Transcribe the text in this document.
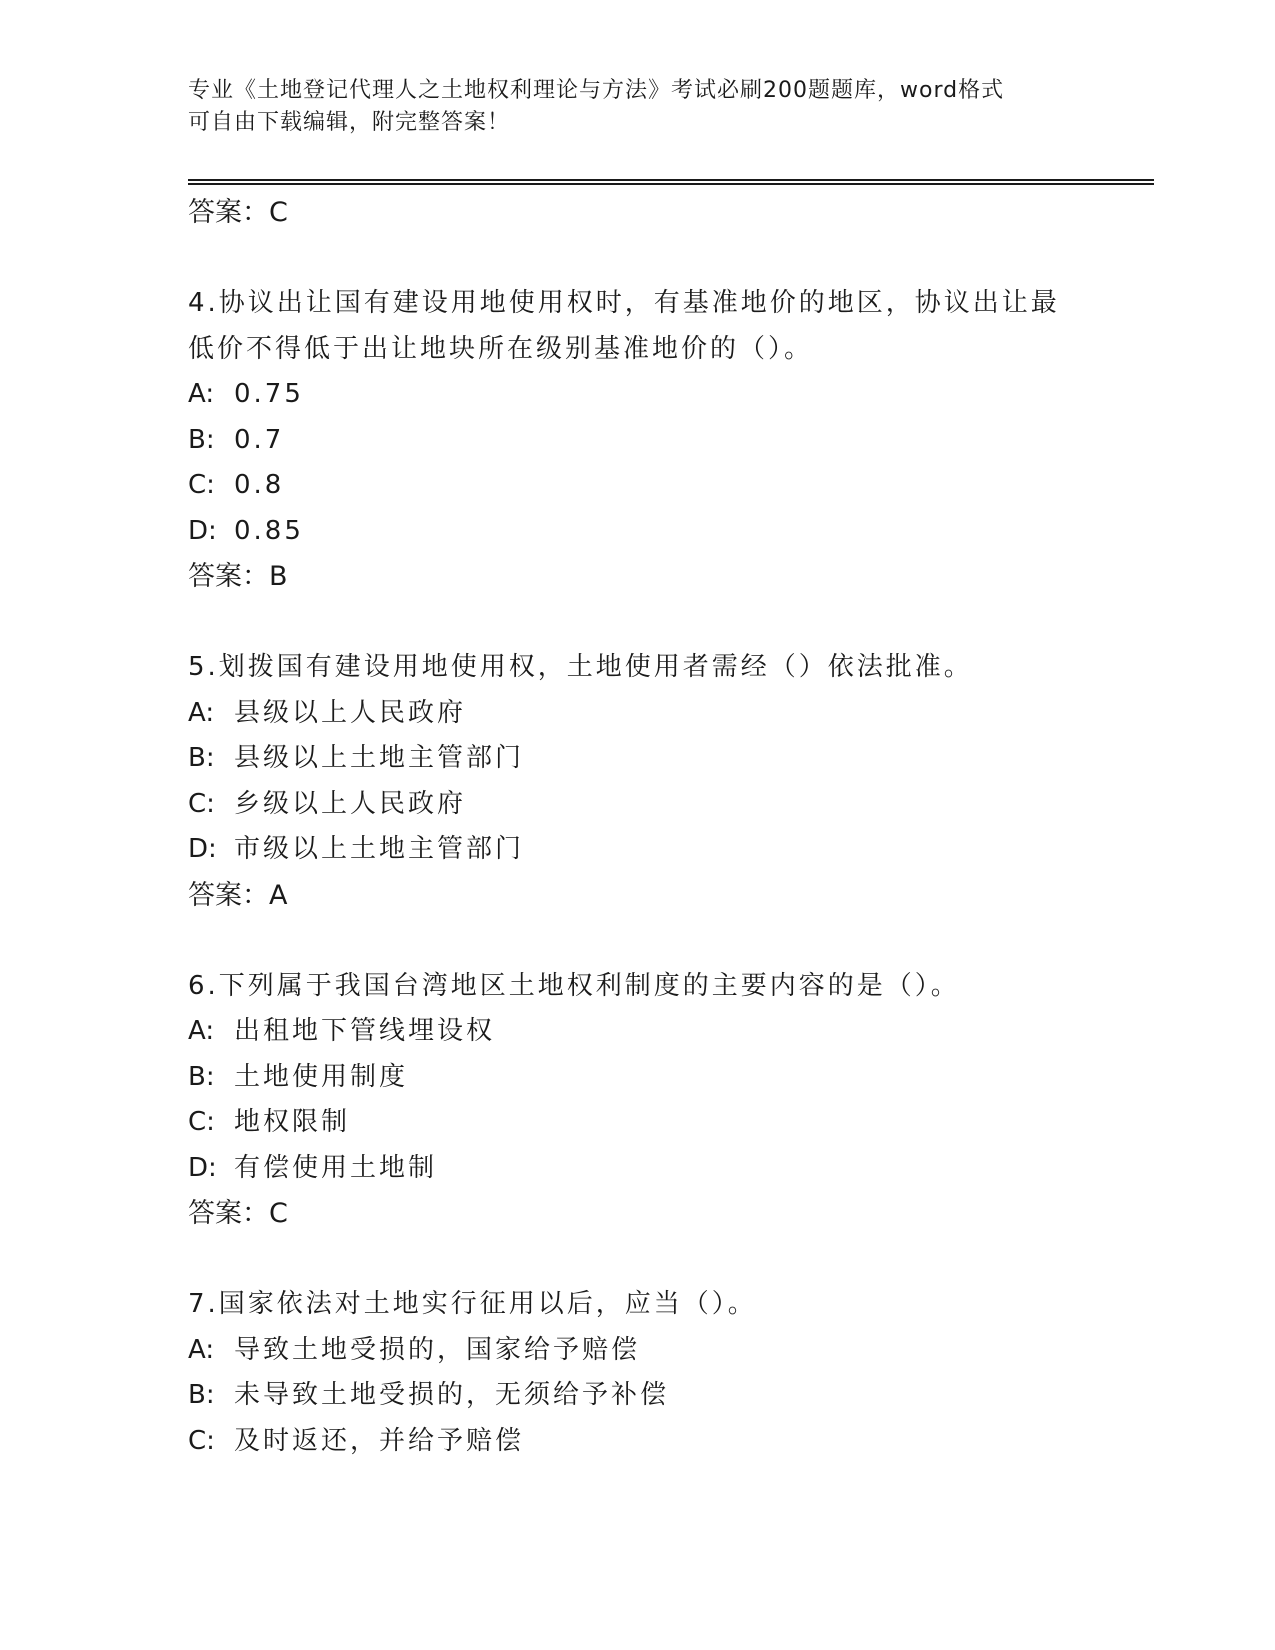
专业《土地登记代理人之土地权利理论与方法》考试必刷200题题库，word格式
可自由下载编辑，附完整答案！
答案：C
4.协议出让国有建设用地使用权时，有基准地价的地区，协议出让最
低价不得低于出让地块所在级别基准地价的（）。
A: 0.75
B: 0.7
C: 0.8
D: 0.85
答案：B
5.划拨国有建设用地使用权，土地使用者需经（）依法批准。
A: 县级以上人民政府
B: 县级以上土地主管部门
C: 乡级以上人民政府
D: 市级以上土地主管部门
答案：A
6.下列属于我国台湾地区土地权利制度的主要内容的是（）。
A: 出租地下管线埋设权
B: 土地使用制度
C: 地权限制
D: 有偿使用土地制
答案：C
7.国家依法对土地实行征用以后，应当（）。
A: 导致土地受损的，国家给予赔偿
B: 未导致土地受损的，无须给予补偿
C: 及时返还，并给予赔偿
